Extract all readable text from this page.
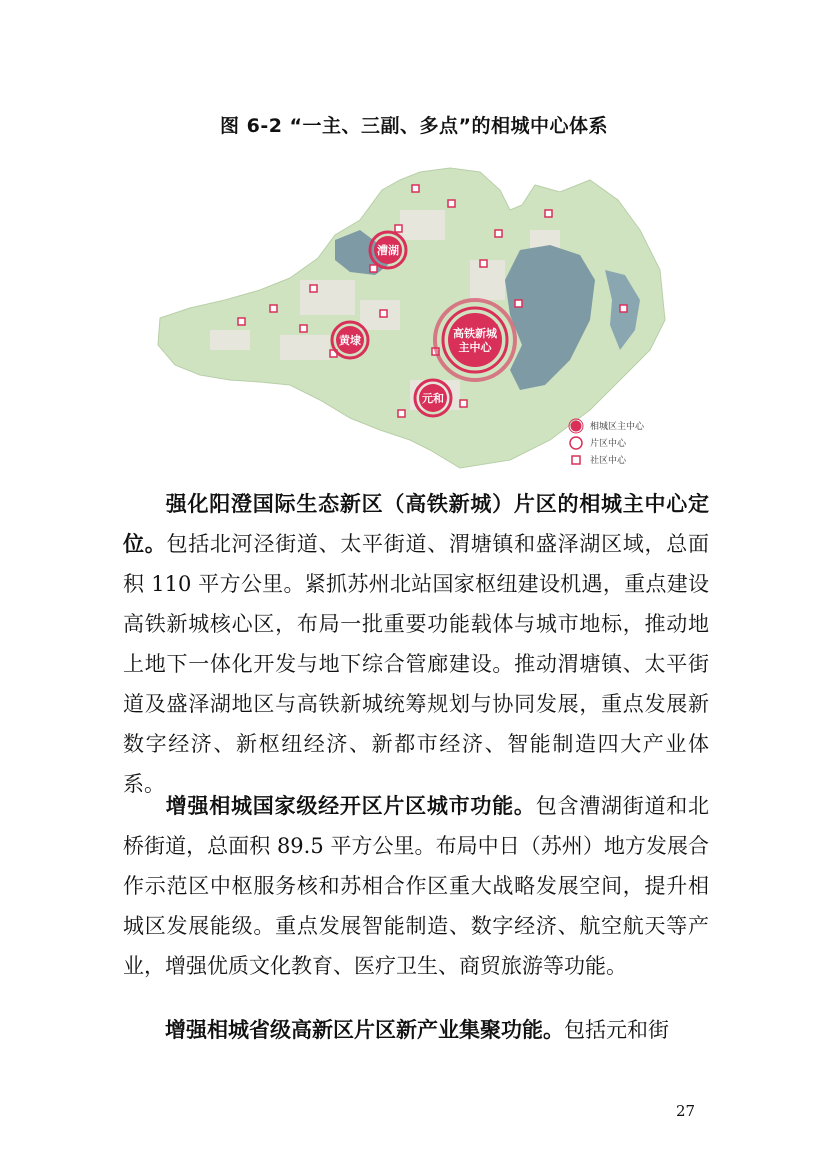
图 6-2 “一主、三副、多点”的相城中心体系
漕湖
黄埭
元和
高铁新城
主中心
相城区主中心
片区中心
社区中心
强化阳澄国际生态新区（高铁新城）片区的相城主中心定位。包括北河泾街道、太平街道、渭塘镇和盛泽湖区域，总面积 110 平方公里。紧抓苏州北站国家枢纽建设机遇，重点建设高铁新城核心区，布局一批重要功能载体与城市地标，推动地上地下一体化开发与地下综合管廊建设。推动渭塘镇、太平街道及盛泽湖地区与高铁新城统筹规划与协同发展，重点发展新数字经济、新枢纽经济、新都市经济、智能制造四大产业体系。
增强相城国家级经开区片区城市功能。包含漕湖街道和北桥街道，总面积 89.5 平方公里。布局中日（苏州）地方发展合作示范区中枢服务核和苏相合作区重大战略发展空间，提升相城区发展能级。重点发展智能制造、数字经济、航空航天等产业，增强优质文化教育、医疗卫生、商贸旅游等功能。
增强相城省级高新区片区新产业集聚功能。包括元和街
27
